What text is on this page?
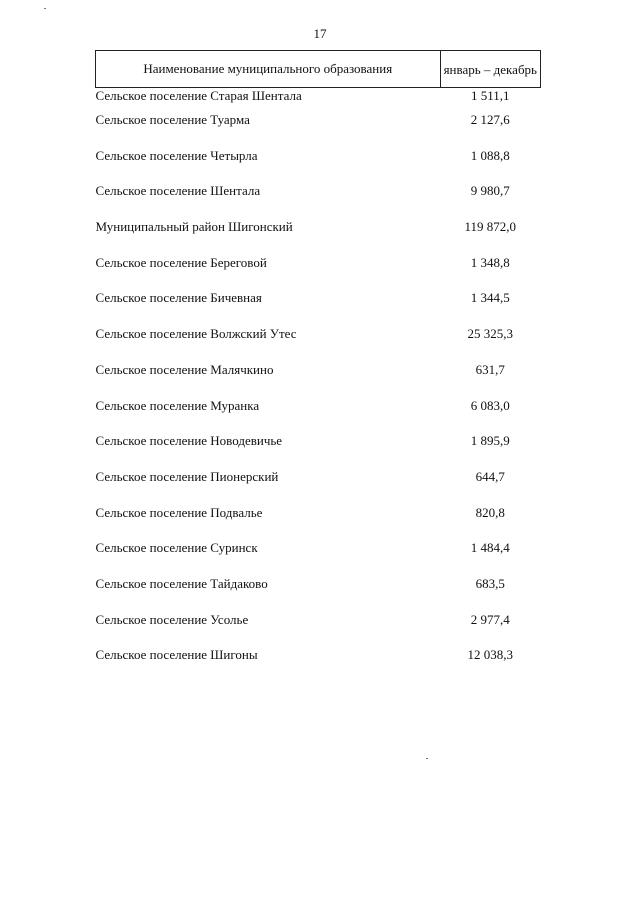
17
Наименование муниципального образования	январь – декабрь
Сельское поселение Старая Шентала	1 511,1
Сельское поселение Туарма	2 127,6
Сельское поселение Четырла	1 088,8
Сельское поселение Шентала	9 980,7
Муниципальный район Шигонский	119 872,0
Сельское поселение Береговой	1 348,8
Сельское поселение Бичевная	1 344,5
Сельское поселение Волжский Утес	25 325,3
Сельское поселение Малячкино	631,7
Сельское поселение Муранка	6 083,0
Сельское поселение Новодевичье	1 895,9
Сельское поселение Пионерский	644,7
Сельское поселение Подвалье	820,8
Сельское поселение Суринск	1 484,4
Сельское поселение Тайдаково	683,5
Сельское поселение Усолье	2 977,4
Сельское поселение Шигоны	12 038,3
